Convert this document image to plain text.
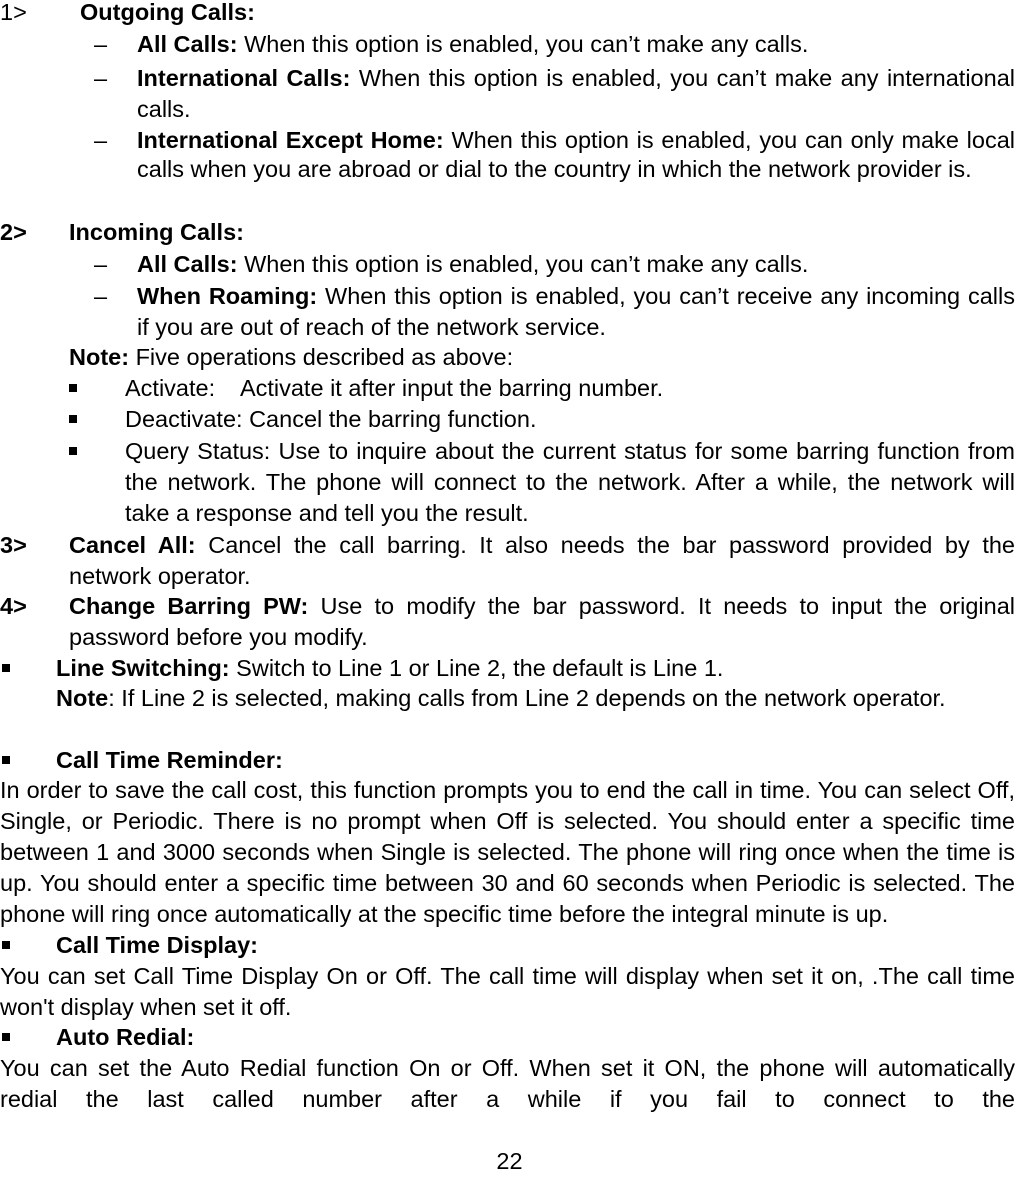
1> Outgoing Calls:
– All Calls: When this option is enabled, you can’t make any calls.
– International Calls: When this option is enabled, you can’t make any international calls.
– International Except Home: When this option is enabled, you can only make local calls when you are abroad or dial to the country in which the network provider is.
2> Incoming Calls:
– All Calls: When this option is enabled, you can’t make any calls.
– When Roaming: When this option is enabled, you can’t receive any incoming calls if you are out of reach of the network service.
Note: Five operations described as above:
Activate:    Activate it after input the barring number.
Deactivate: Cancel the barring function.
Query Status: Use to inquire about the current status for some barring function from the network. The phone will connect to the network. After a while, the network will take a response and tell you the result.
3> Cancel All: Cancel the call barring. It also needs the bar password provided by the network operator.
4> Change Barring PW: Use to modify the bar password. It needs to input the original password before you modify.
Line Switching: Switch to Line 1 or Line 2, the default is Line 1.
Note: If Line 2 is selected, making calls from Line 2 depends on the network operator.
Call Time Reminder:
In order to save the call cost, this function prompts you to end the call in time. You can select Off, Single, or Periodic. There is no prompt when Off is selected. You should enter a specific time between 1 and 3000 seconds when Single is selected. The phone will ring once when the time is up. You should enter a specific time between 30 and 60 seconds when Periodic is selected. The phone will ring once automatically at the specific time before the integral minute is up.
Call Time Display:
You can set Call Time Display On or Off. The call time will display when set it on, .The call time won't display when set it off.
Auto Redial:
You can set the Auto Redial function On or Off. When set it ON, the phone will automatically redial the last called number after a while if you fail to connect to the
22
